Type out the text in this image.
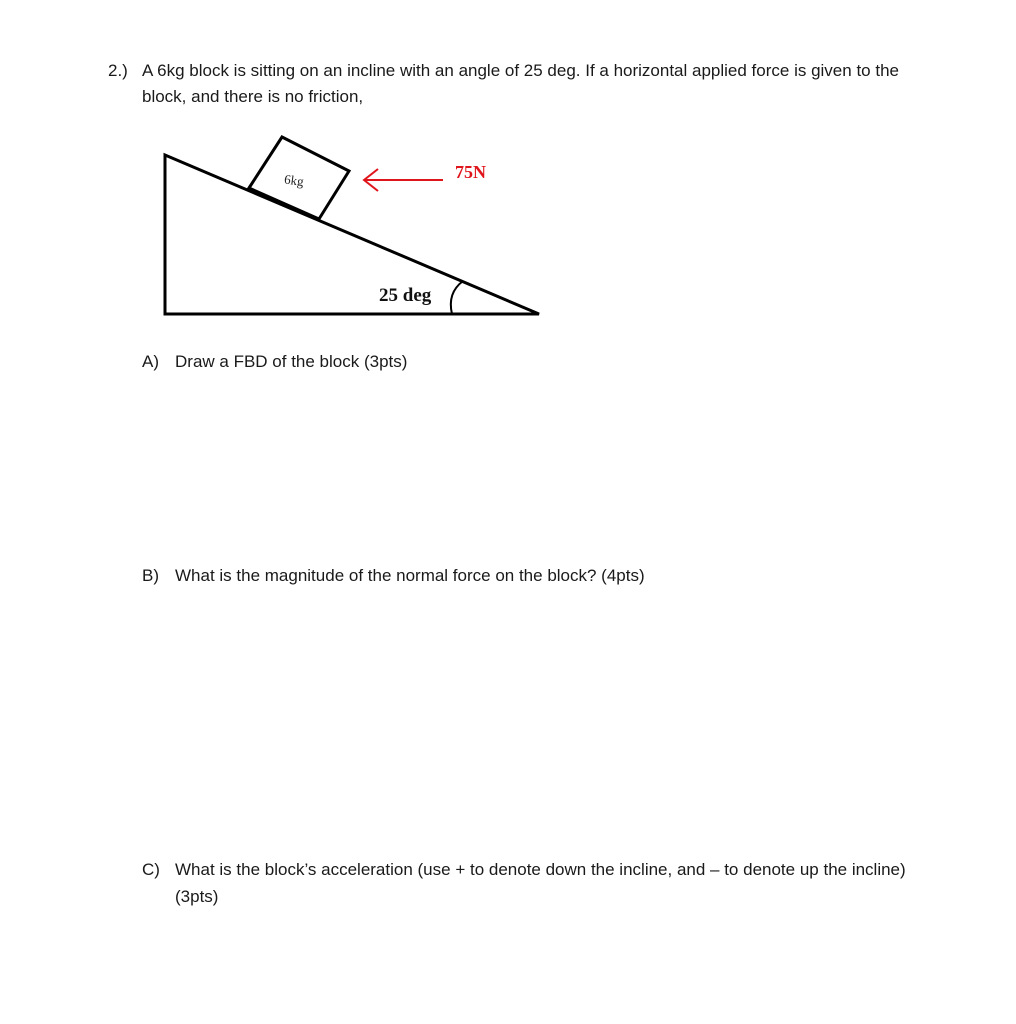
2.) A 6kg block is sitting on an incline with an angle of 25 deg. If a horizontal applied force is given to the block, and there is no friction,
6kg	75N
25 deg
A) Draw a FBD of the block (3pts)
B) What is the magnitude of the normal force on the block? (4pts)
C) What is the block’s acceleration (use + to denote down the incline, and – to denote up the incline) (3pts)
